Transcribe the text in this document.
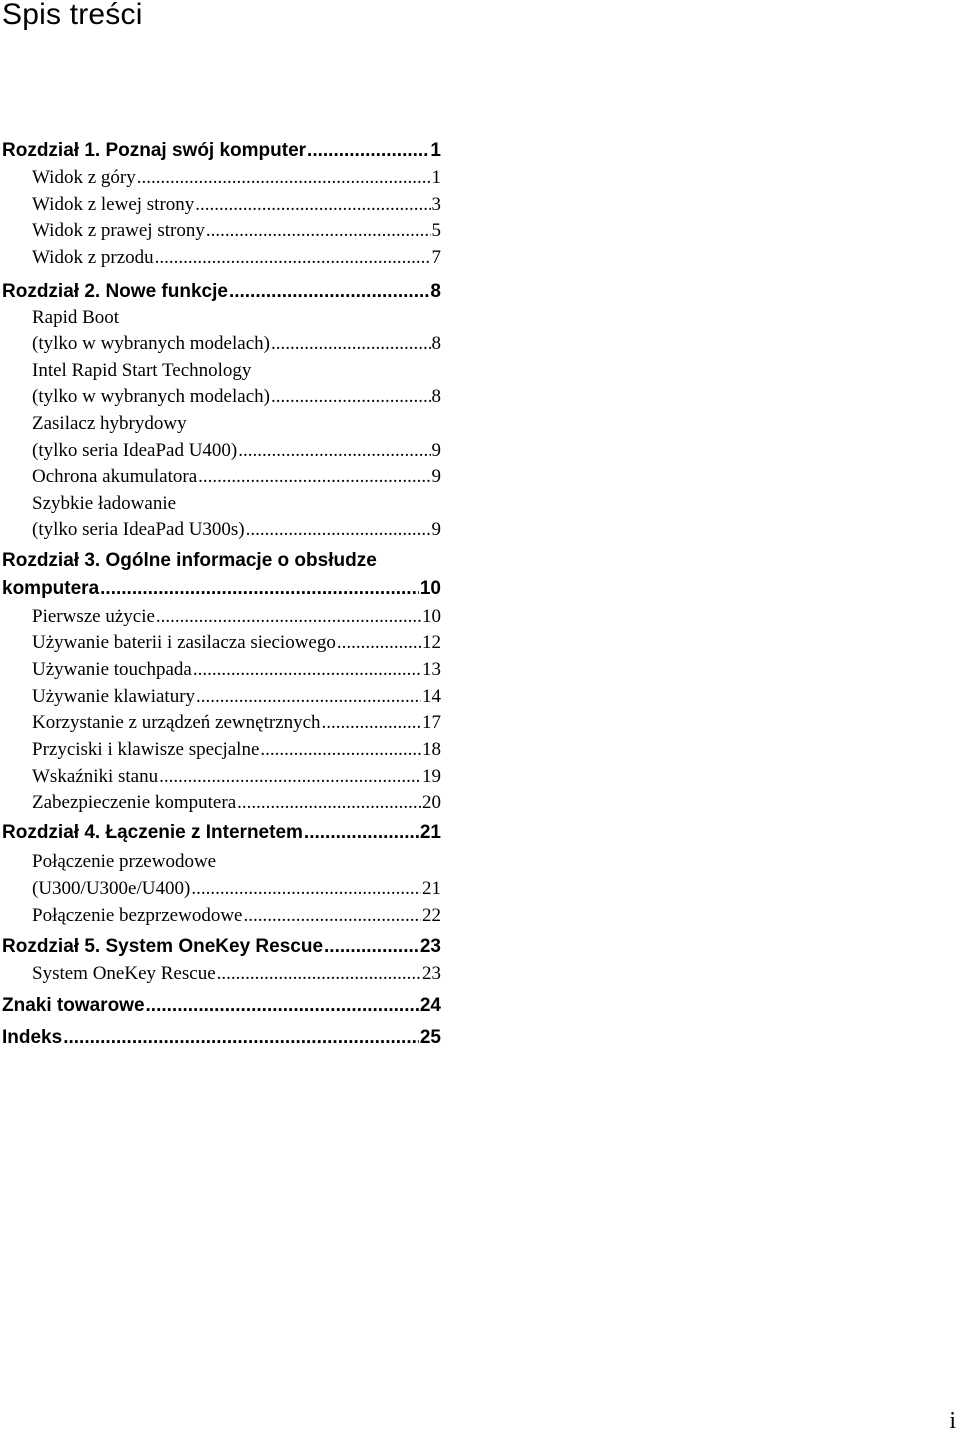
Spis treści
Rozdział 1. Poznaj swój komputer .....	1
Widok z góry .....	1
Widok z lewej strony .....	3
Widok z prawej strony .....	5
Widok z przodu .....	7
Rozdział 2. Nowe funkcje .....	8
Rapid Boot
(tylko w wybranych modelach) .....	8
Intel Rapid Start Technology
(tylko w wybranych modelach) .....	8
Zasilacz hybrydowy
(tylko seria IdeaPad U400) .....	9
Ochrona akumulatora .....	9
Szybkie ładowanie
(tylko seria IdeaPad U300s) .....	9
Rozdział 3. Ogólne informacje o obsłudze
komputera .....	10
Pierwsze użycie .....	10
Używanie baterii i zasilacza sieciowego .....	12
Używanie touchpada .....	13
Używanie klawiatury .....	14
Korzystanie z urządzeń zewnętrznych .....	17
Przyciski i klawisze specjalne .....	18
Wskaźniki stanu .....	19
Zabezpieczenie komputera .....	20
Rozdział 4. Łączenie z Internetem .....	21
Połączenie przewodowe
(U300/U300e/U400) .....	21
Połączenie bezprzewodowe .....	22
Rozdział 5. System OneKey Rescue .....	23
System OneKey Rescue .....	23
Znaki towarowe .....	24
Indeks .....	25
i
